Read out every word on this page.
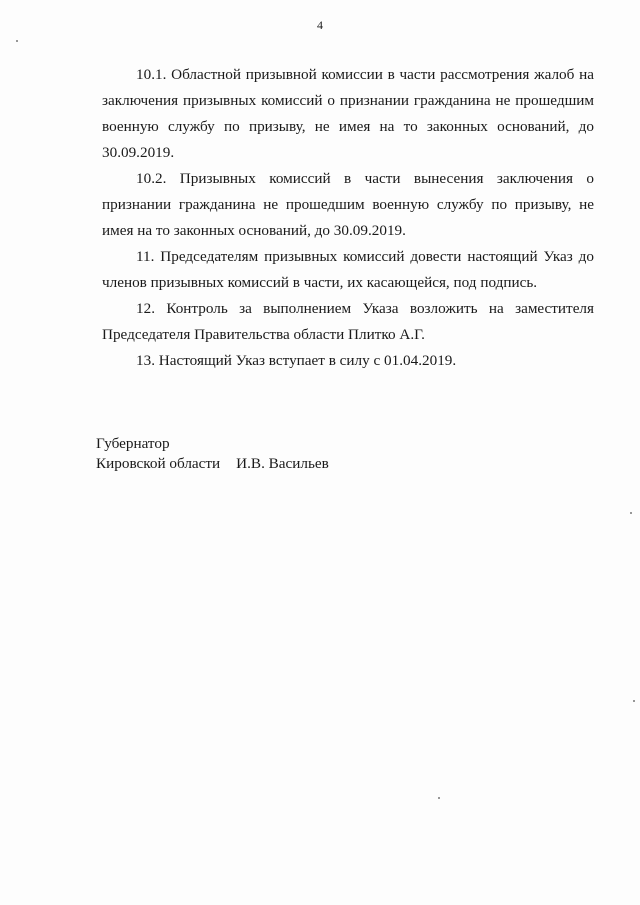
4

10.1. Областной призывной комиссии в части рассмотрения жалоб на заключения призывных комиссий о признании гражданина не прошедшим военную службу по призыву, не имея на то законных оснований, до 30.09.2019.

10.2. Призывных комиссий в части вынесения заключения о признании гражданина не прошедшим военную службу по призыву, не имея на то законных оснований, до 30.09.2019.

11. Председателям призывных комиссий довести настоящий Указ до членов призывных комиссий в части, их касающейся, под подпись.

12. Контроль за выполнением Указа возложить на заместителя Председателя Правительства области Плитко А.Г.

13. Настоящий Указ вступает в силу с 01.04.2019.

Губернатор
Кировской области И.В. Васильев
